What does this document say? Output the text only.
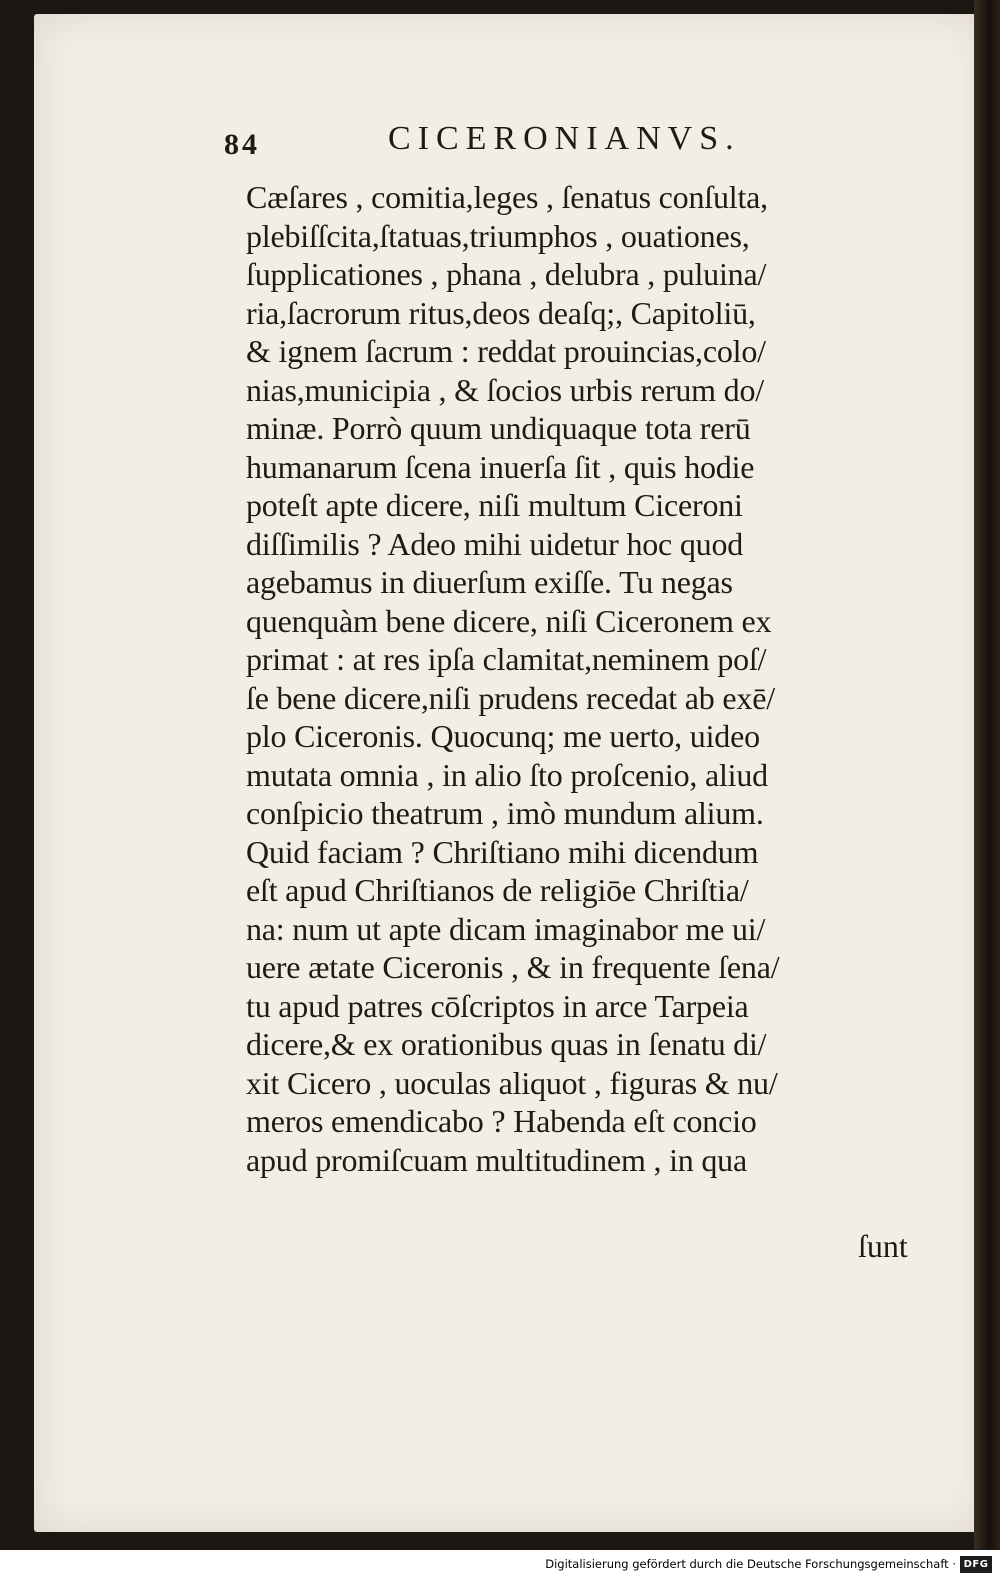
84	CICERONIANVS.
Cæſares , comitia,leges , ſenatus conſulta,
plebiſſcita,ſtatuas,triumphos , ouationes,
ſupplicationes , phana , delubra , puluina/
ria,ſacrorum ritus,deos deaſq;, Capitoliū,
& ignem ſacrum : reddat prouincias,colo/
nias,municipia , & ſocios urbis rerum do/
minæ. Porrò quum undiquaque tota rerū
humanarum ſcena inuerſa ſit , quis hodie
poteſt apte dicere, niſi multum Ciceroni
diſſimilis ? Adeo mihi uidetur hoc quod
agebamus in diuerſum exiſſe. Tu negas
quenquàm bene dicere, niſi Ciceronem ex
primat : at res ipſa clamitat,neminem poſ/
ſe bene dicere,niſi prudens recedat ab exē/
plo Ciceronis. Quocunq; me uerto, uideo
mutata omnia , in alio ſto proſcenio, aliud
conſpicio theatrum , imò mundum alium.
Quid faciam ? Chriſtiano mihi dicendum
eſt apud Chriſtianos de religiōe Chriſtia/
na: num ut apte dicam imaginabor me ui/
uere ætate Ciceronis , & in frequente ſena/
tu apud patres cōſcriptos in arce Tarpeia
dicere,& ex orationibus quas in ſenatu di/
xit Cicero , uoculas aliquot , figuras & nu/
meros emendicabo ? Habenda eſt concio
apud promiſcuam multitudinem , in qua
ſunt
Digitalisierung gefördert durch die Deutsche Forschungsgemeinschaft · DFG
